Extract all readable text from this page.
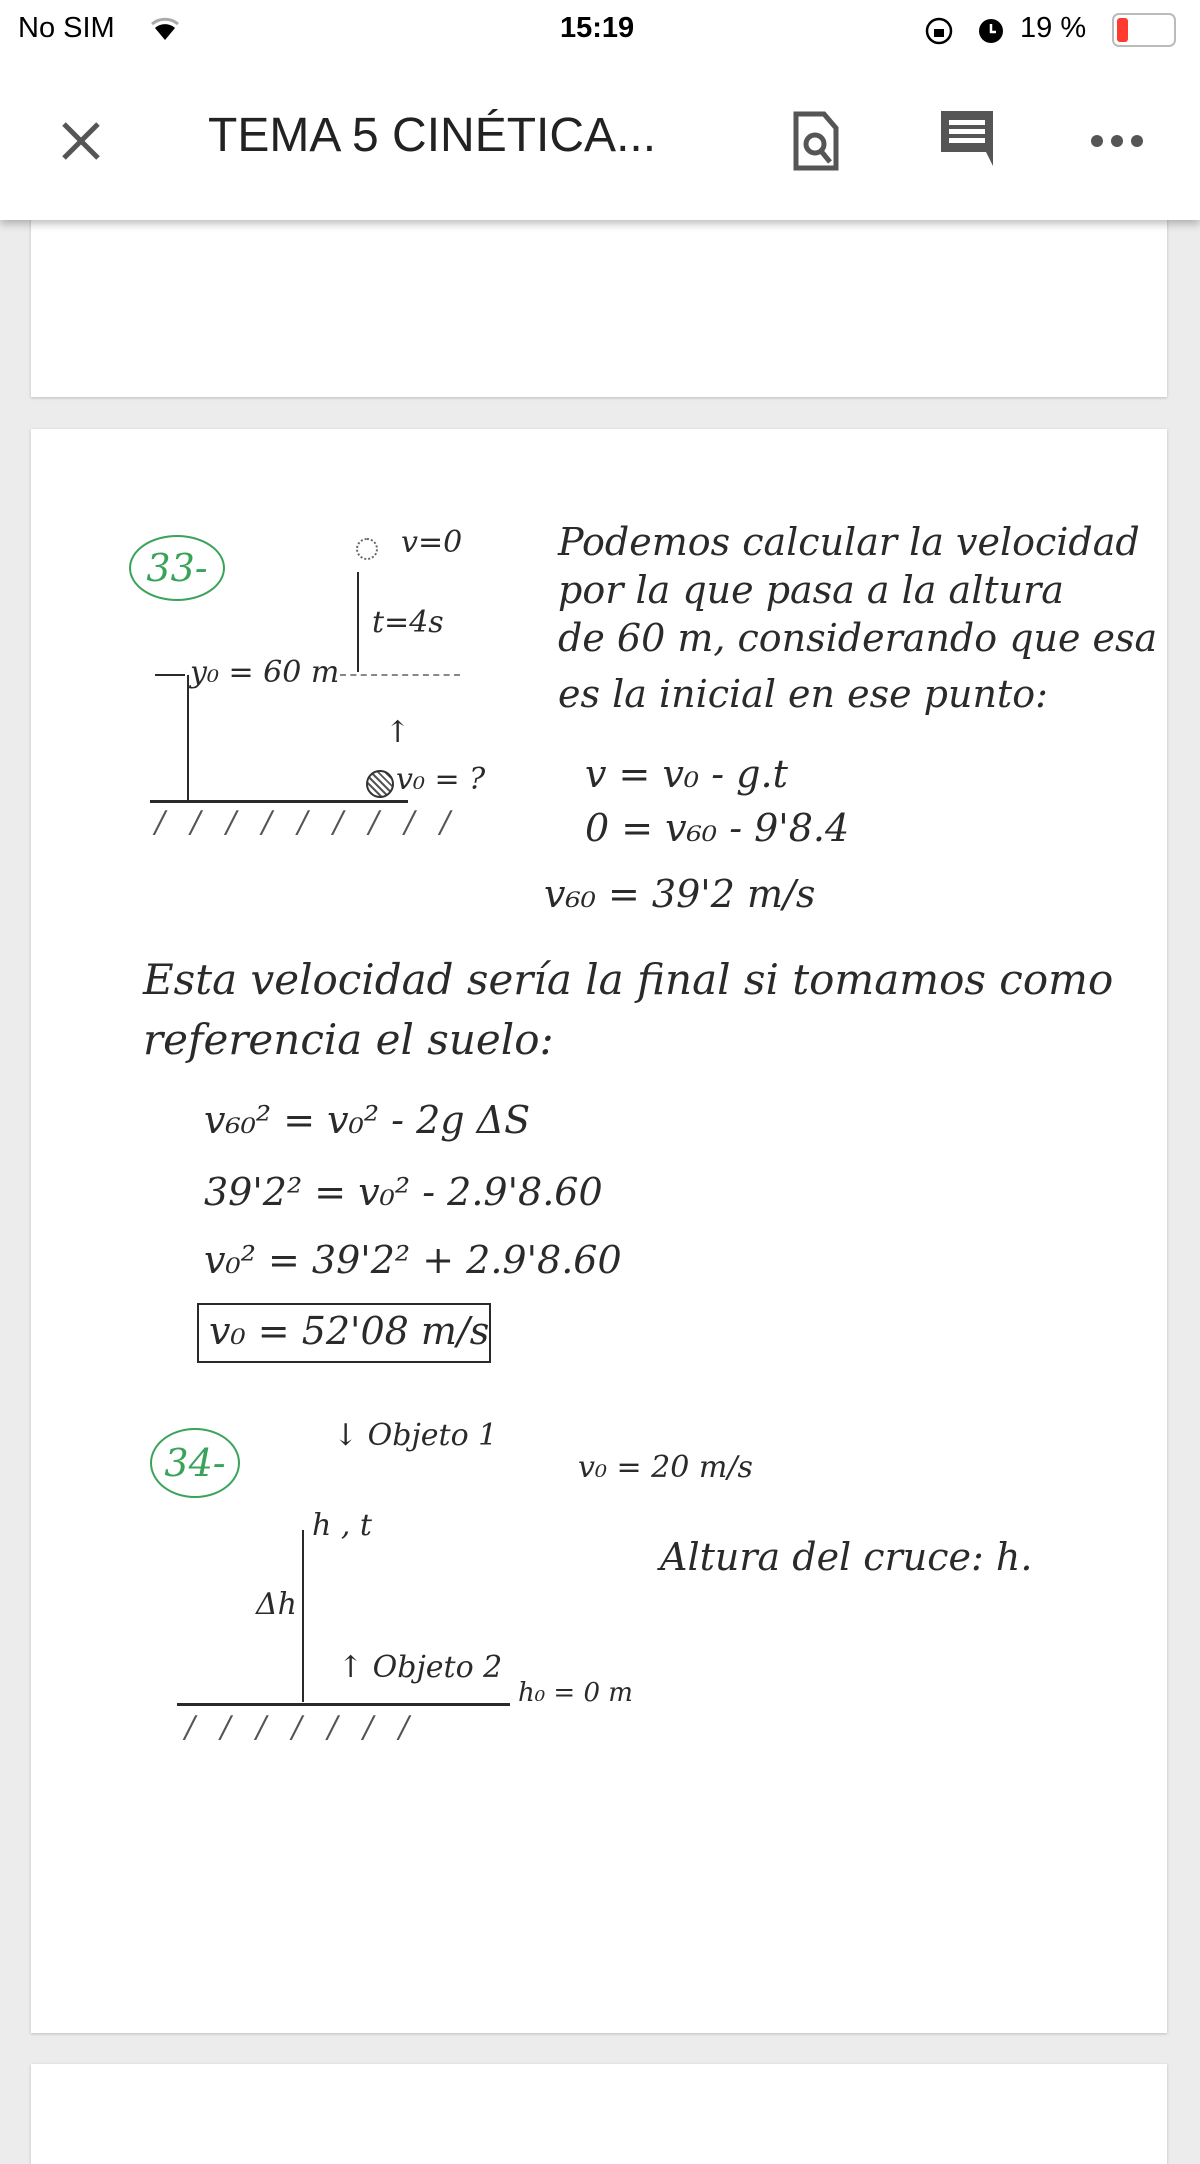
No SIM	15:19	19 %
TEMA 5 CINÉTICA...
33-
v=0
t=4s
y₀ = 60 m
↑
v₀ = ?
/ / / / / / / / /
Podemos calcular la velocidad
por la que pasa a la altura
de 60 m, considerando que esa
es la inicial en ese punto:
v = v₀ - g.t
0 = v₆₀ - 9'8.4
v₆₀ = 39'2 m/s
Esta velocidad sería la final si tomamos como
referencia el suelo:
v₆₀² = v₀² - 2g ΔS
39'2² = v₀² - 2.9'8.60
v₀² = 39'2² + 2.9'8.60
v₀ = 52'08 m/s
34-
↓ Objeto 1
v₀ = 20 m/s
h , t
Δh
Altura del cruce: h.
↑ Objeto 2
h₀ = 0 m
/ / / / / / /
